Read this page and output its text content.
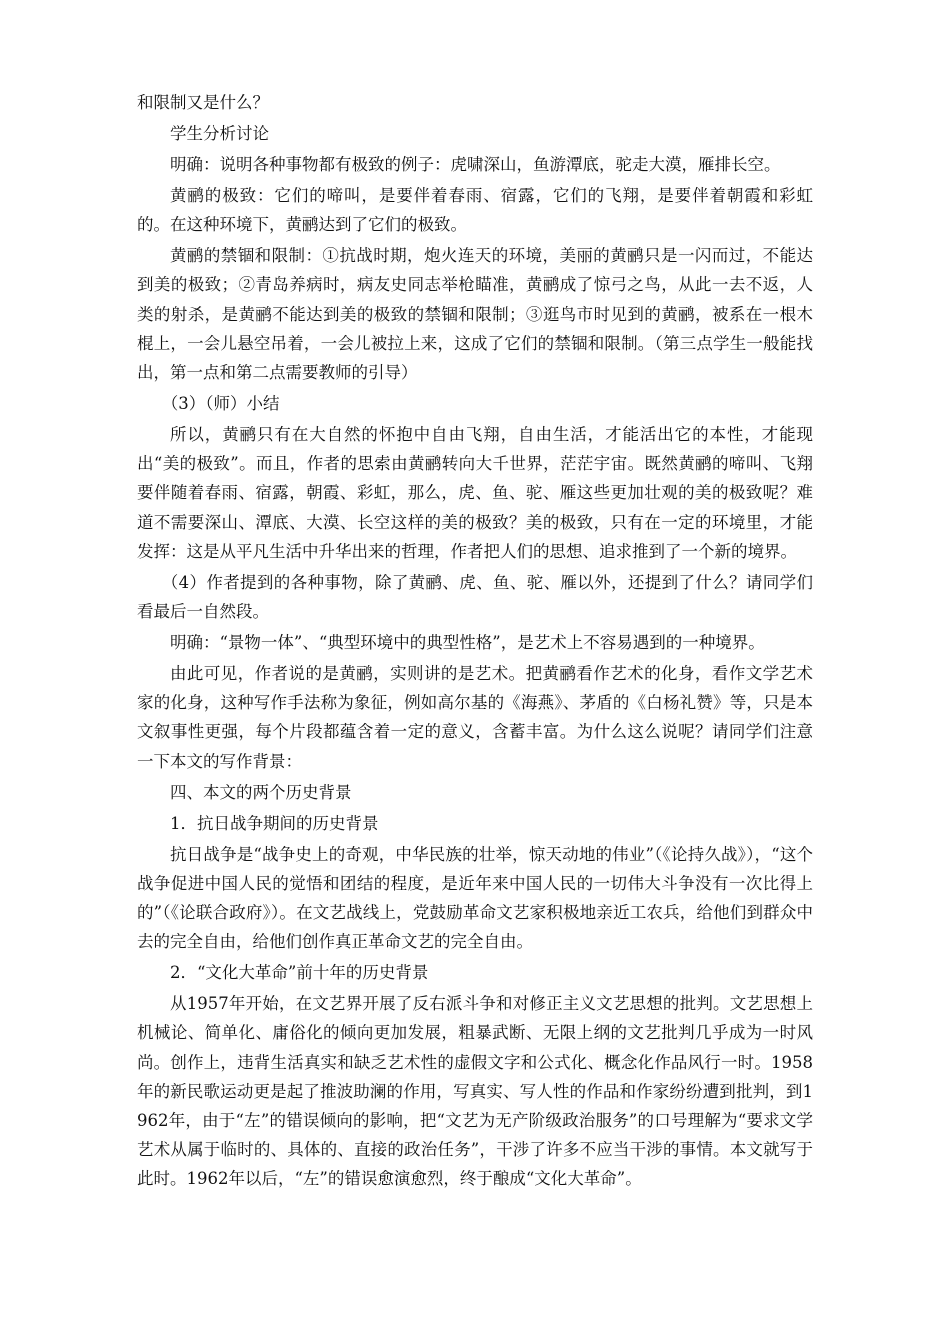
和限制又是什么？

学生分析讨论

明确：说明各种事物都有极致的例子：虎啸深山，鱼游潭底，驼走大漠，雁排长空。

黄鹂的极致：它们的啼叫，是要伴着春雨、宿露，它们的飞翔，是要伴着朝霞和彩虹的。在这种环境下，黄鹂达到了它们的极致。

黄鹂的禁锢和限制：①抗战时期，炮火连天的环境，美丽的黄鹂只是一闪而过，不能达到美的极致；②青岛养病时，病友史同志举枪瞄准，黄鹂成了惊弓之鸟，从此一去不返，人类的射杀，是黄鹂不能达到美的极致的禁锢和限制；③逛鸟市时见到的黄鹂，被系在一根木棍上，一会儿悬空吊着，一会儿被拉上来，这成了它们的禁锢和限制。（第三点学生一般能找出，第一点和第二点需要教师的引导）

（3）（师）小结

所以，黄鹂只有在大自然的怀抱中自由飞翔，自由生活，才能活出它的本性，才能现出“美的极致”。而且，作者的思索由黄鹂转向大千世界，茫茫宇宙。既然黄鹂的啼叫、飞翔要伴随着春雨、宿露，朝霞、彩虹，那么，虎、鱼、驼、雁这些更加壮观的美的极致呢？难道不需要深山、潭底、大漠、长空这样的美的极致？美的极致，只有在一定的环境里，才能发挥：这是从平凡生活中升华出来的哲理，作者把人们的思想、追求推到了一个新的境界。

（4）作者提到的各种事物，除了黄鹂、虎、鱼、驼、雁以外，还提到了什么？请同学们看最后一自然段。

明确：“景物一体”、“典型环境中的典型性格”，是艺术上不容易遇到的一种境界。

由此可见，作者说的是黄鹂，实则讲的是艺术。把黄鹂看作艺术的化身，看作文学艺术家的化身，这种写作手法称为象征，例如高尔基的《海燕》、茅盾的《白杨礼赞》等，只是本文叙事性更强，每个片段都蕴含着一定的意义，含蓄丰富。为什么这么说呢？请同学们注意一下本文的写作背景：

四、本文的两个历史背景

1．抗日战争期间的历史背景

抗日战争是“战争史上的奇观，中华民族的壮举，惊天动地的伟业”（《论持久战》），“这个战争促进中国人民的觉悟和团结的程度，是近年来中国人民的一切伟大斗争没有一次比得上的”（《论联合政府》）。在文艺战线上，党鼓励革命文艺家积极地亲近工农兵，给他们到群众中去的完全自由，给他们创作真正革命文艺的完全自由。

2．“文化大革命”前十年的历史背景

从1957年开始，在文艺界开展了反右派斗争和对修正主义文艺思想的批判。文艺思想上机械论、简单化、庸俗化的倾向更加发展，粗暴武断、无限上纲的文艺批判几乎成为一时风尚。创作上，违背生活真实和缺乏艺术性的虚假文字和公式化、概念化作品风行一时。1958年的新民歌运动更是起了推波助澜的作用，写真实、写人性的作品和作家纷纷遭到批判，到1962年，由于“左”的错误倾向的影响，把“文艺为无产阶级政治服务”的口号理解为“要求文学艺术从属于临时的、具体的、直接的政治任务”，干涉了许多不应当干涉的事情。本文就写于此时。1962年以后，“左”的错误愈演愈烈，终于酿成“文化大革命”。
